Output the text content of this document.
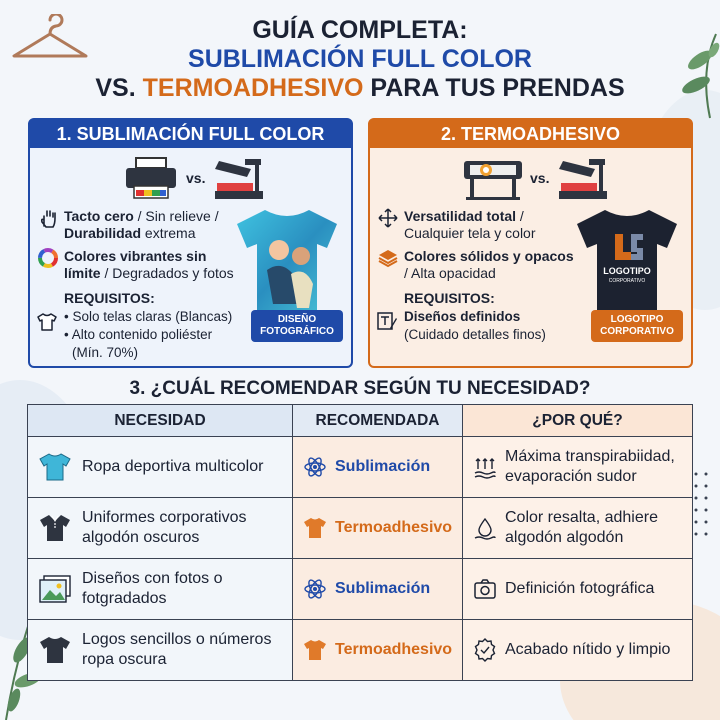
GUÍA COMPLETA:
SUBLIMACIÓN FULL COLOR
VS. TERMOADHESIVO PARA TUS PRENDAS
1. SUBLIMACIÓN FULL COLOR
vs.
Tacto cero / Sin relieve /
Durabilidad extrema
Colores vibrantes sin límite / Degradados y fotos
REQUISITOS:
• Solo telas claras (Blancas)
• Alto contenido poliéster
(Mín. 70%)
DISEÑO FOTOGRÁFICO
2. TERMOADHESIVO
vs.
Versatilidad total /
Cualquier tela y color
Colores sólidos y opacos
/ Alta opacidad
REQUISITOS:
Diseños definidos
(Cuidado detalles finos)
LOGOTIPO
CORPORATIVO
LOGOTIPO CORPORATIVO
3. ¿CUÁL RECOMENDAR SEGÚN TU NECESIDAD?
NECESIDAD	RECOMENDADA	¿POR QUÉ?

Ropa deportiva multicolor	Sublimación	Máxima transpirabiidad, evaporación sudor

Uniformes corporativos algodón oscuros	Termoadhesivo	Color resalta, adhiere algodón algodón

Diseños con fotos o fotgradados	Sublimación	Definición fotográfica

Logos sencillos o números ropa oscura	Termoadhesivo	Acabado nítido y limpio
